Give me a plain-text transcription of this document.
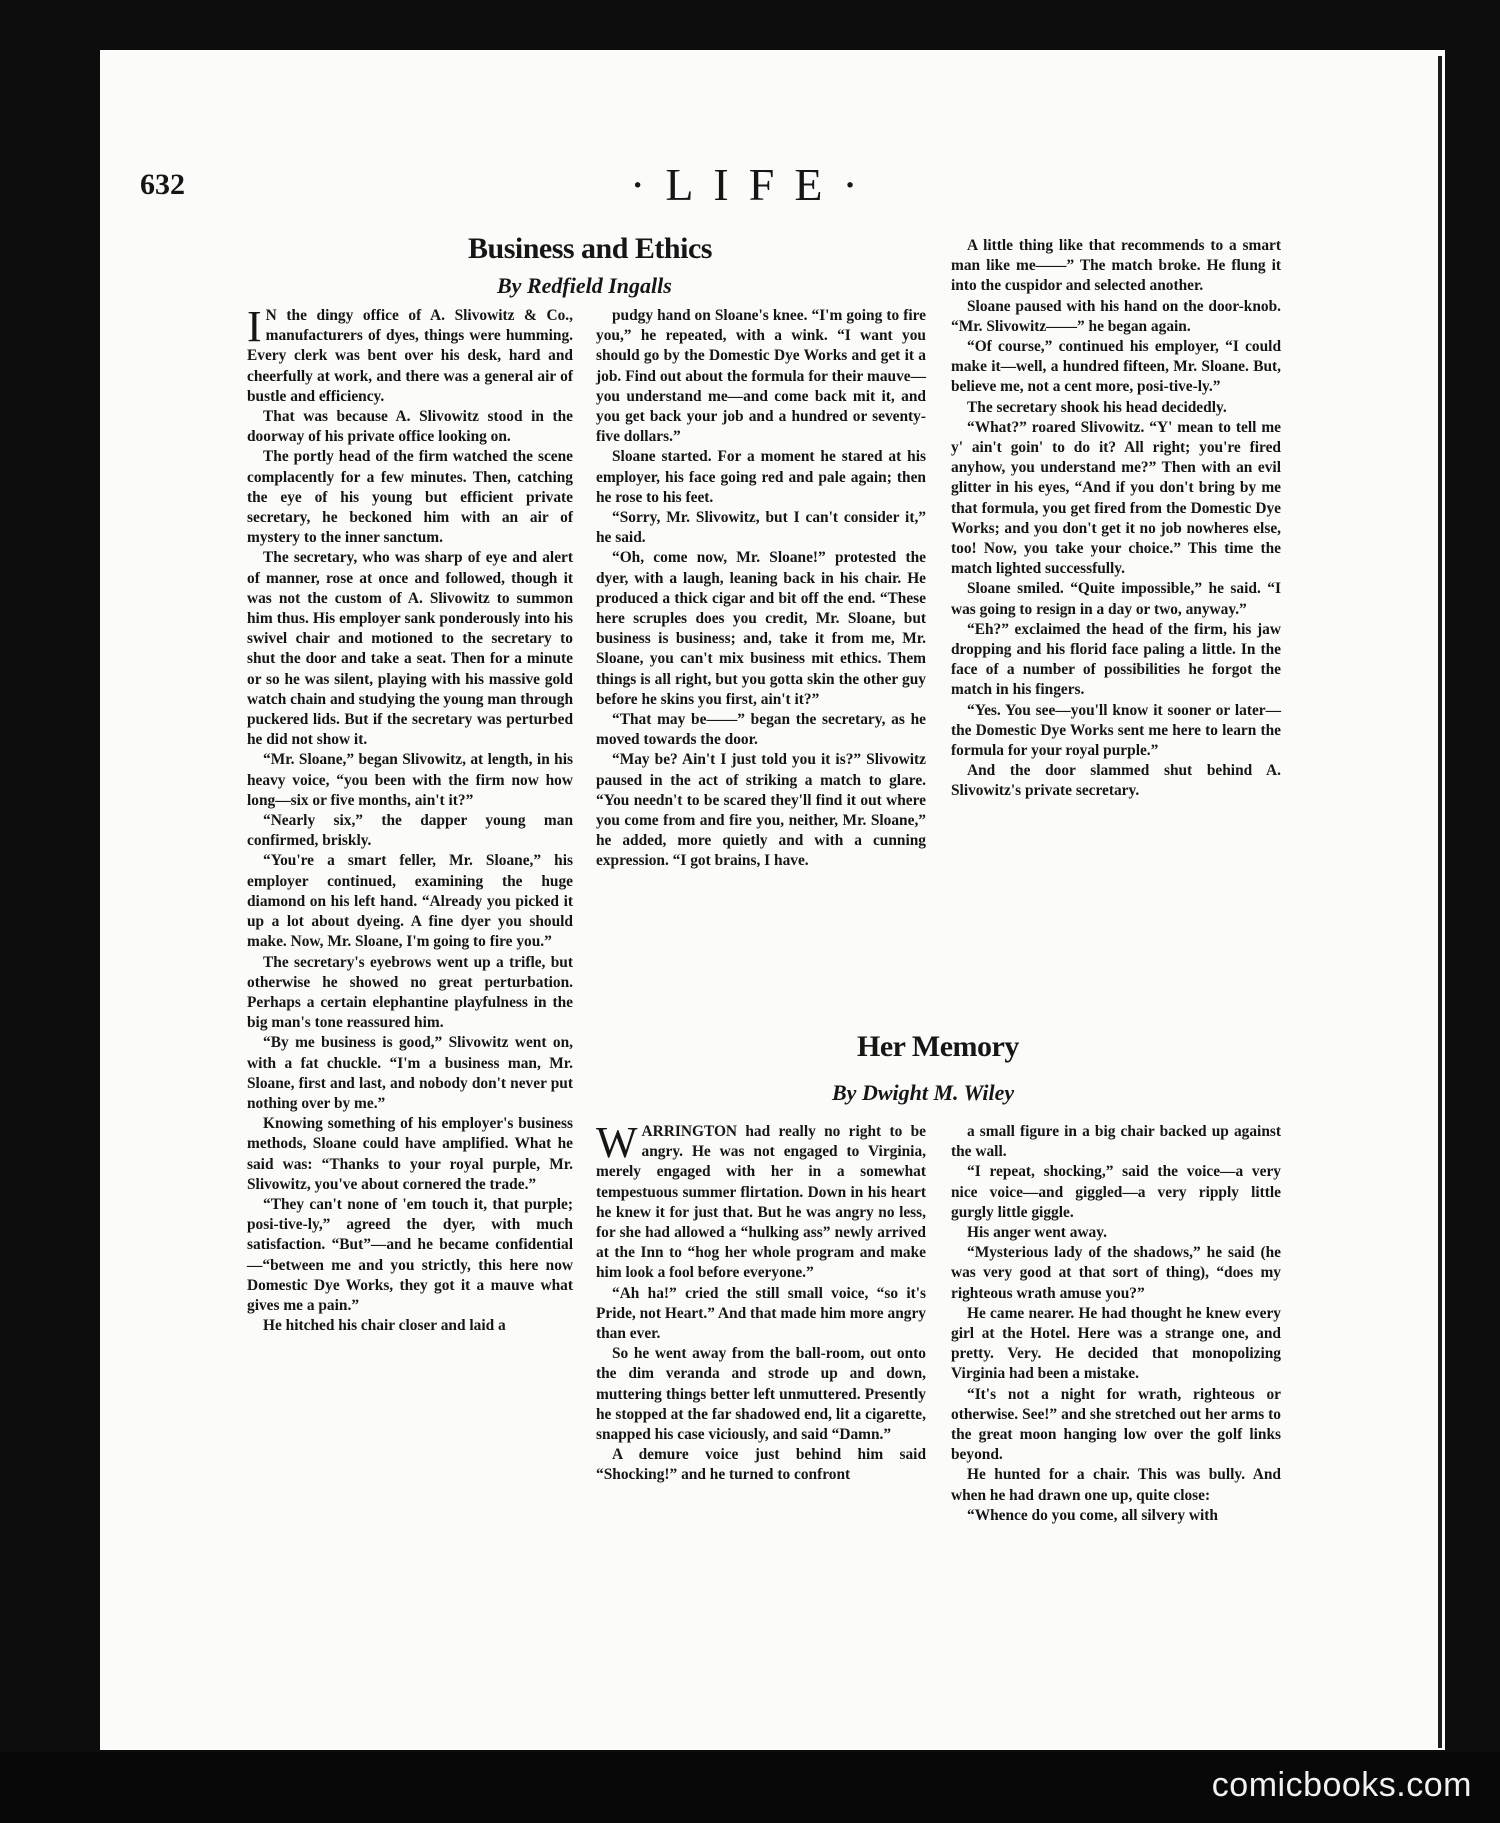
comicbooks.com
632	·LIFE·
Business and Ethics
By Redfield Ingalls

I N the dingy office of A. Slivowitz & Co., manufacturers of dyes, things were humming. Every clerk was bent over his desk, hard and cheerfully at work, and there was a general air of bustle and efficiency.

That was because A. Slivowitz stood in the doorway of his private office looking on.

The portly head of the firm watched the scene complacently for a few minutes. Then, catching the eye of his young but efficient private secretary, he beckoned him with an air of mystery to the inner sanctum.

The secretary, who was sharp of eye and alert of manner, rose at once and followed, though it was not the custom of A. Slivowitz to summon him thus. His employer sank ponderously into his swivel chair and motioned to the secretary to shut the door and take a seat. Then for a minute or so he was silent, playing with his massive gold watch chain and studying the young man through puckered lids. But if the secretary was perturbed he did not show it.

“Mr. Sloane,” began Slivowitz, at length, in his heavy voice, “you been with the firm now how long—six or five months, ain't it?”

“Nearly six,” the dapper young man confirmed, briskly.

“You're a smart feller, Mr. Sloane,” his employer continued, examining the huge diamond on his left hand. “Already you picked it up a lot about dyeing. A fine dyer you should make. Now, Mr. Sloane, I'm going to fire you.”

The secretary's eyebrows went up a trifle, but otherwise he showed no great perturbation. Perhaps a certain elephantine playfulness in the big man's tone reassured him.

“By me business is good,” Slivowitz went on, with a fat chuckle. “I'm a business man, Mr. Sloane, first and last, and nobody don't never put nothing over by me.”

Knowing something of his employer's business methods, Sloane could have amplified. What he said was: “Thanks to your royal purple, Mr. Slivowitz, you've about cornered the trade.”

“They can't none of 'em touch it, that purple; posi-tive-ly,” agreed the dyer, with much satisfaction. “But”—and he became confidential—“between me and you strictly, this here now Domestic Dye Works, they got it a mauve what gives me a pain.”

He hitched his chair closer and laid a

pudgy hand on Sloane's knee. “I'm going to fire you,” he repeated, with a wink. “I want you should go by the Domestic Dye Works and get it a job. Find out about the formula for their mauve—you understand me—and come back mit it, and you get back your job and a hundred or seventy-five dollars.”

Sloane started. For a moment he stared at his employer, his face going red and pale again; then he rose to his feet.

“Sorry, Mr. Slivowitz, but I can't consider it,” he said.

“Oh, come now, Mr. Sloane!” protested the dyer, with a laugh, leaning back in his chair. He produced a thick cigar and bit off the end. “These here scruples does you credit, Mr. Sloane, but business is business; and, take it from me, Mr. Sloane, you can't mix business mit ethics. Them things is all right, but you gotta skin the other guy before he skins you first, ain't it?”

“That may be——” began the secretary, as he moved towards the door.

“May be? Ain't I just told you it is?” Slivowitz paused in the act of striking a match to glare. “You needn't to be scared they'll find it out where you come from and fire you, neither, Mr. Sloane,” he added, more quietly and with a cunning expression. “I got brains, I have.

A little thing like that recommends to a smart man like me——” The match broke. He flung it into the cuspidor and selected another.

Sloane paused with his hand on the door-knob. “Mr. Slivowitz——” he began again.

“Of course,” continued his employer, “I could make it—well, a hundred fifteen, Mr. Sloane. But, believe me, not a cent more, posi-tive-ly.”

The secretary shook his head decidedly.

“What?” roared Slivowitz. “Y' mean to tell me y' ain't goin' to do it? All right; you're fired anyhow, you understand me?” Then with an evil glitter in his eyes, “And if you don't bring by me that formula, you get fired from the Domestic Dye Works; and you don't get it no job nowheres else, too! Now, you take your choice.” This time the match lighted successfully.

Sloane smiled. “Quite impossible,” he said. “I was going to resign in a day or two, anyway.”

“Eh?” exclaimed the head of the firm, his jaw dropping and his florid face paling a little. In the face of a number of possibilities he forgot the match in his fingers.

“Yes. You see—you'll know it sooner or later—the Domestic Dye Works sent me here to learn the formula for your royal purple.”

And the door slammed shut behind A. Slivowitz's private secretary.

Her Memory
By Dwight M. Wiley

WARRINGTON had really no right to be angry. He was not engaged to Virginia, merely engaged with her in a somewhat tempestuous summer flirtation. Down in his heart he knew it for just that. But he was angry no less, for she had allowed a “hulking ass” newly arrived at the Inn to “hog her whole program and make him look a fool before everyone.”

“Ah ha!” cried the still small voice, “so it's Pride, not Heart.” And that made him more angry than ever.

So he went away from the ball-room, out onto the dim veranda and strode up and down, muttering things better left unmuttered. Presently he stopped at the far shadowed end, lit a cigarette, snapped his case viciously, and said “Damn.”

A demure voice just behind him said “Shocking!” and he turned to confront

a small figure in a big chair backed up against the wall.

“I repeat, shocking,” said the voice—a very nice voice—and giggled—a very ripply little gurgly little giggle.

His anger went away.

“Mysterious lady of the shadows,” he said (he was very good at that sort of thing), “does my righteous wrath amuse you?”

He came nearer. He had thought he knew every girl at the Hotel. Here was a strange one, and pretty. Very. He decided that monopolizing Virginia had been a mistake.

“It's not a night for wrath, righteous or otherwise. See!” and she stretched out her arms to the great moon hanging low over the golf links beyond.

He hunted for a chair. This was bully. And when he had drawn one up, quite close:

“Whence do you come, all silvery with
